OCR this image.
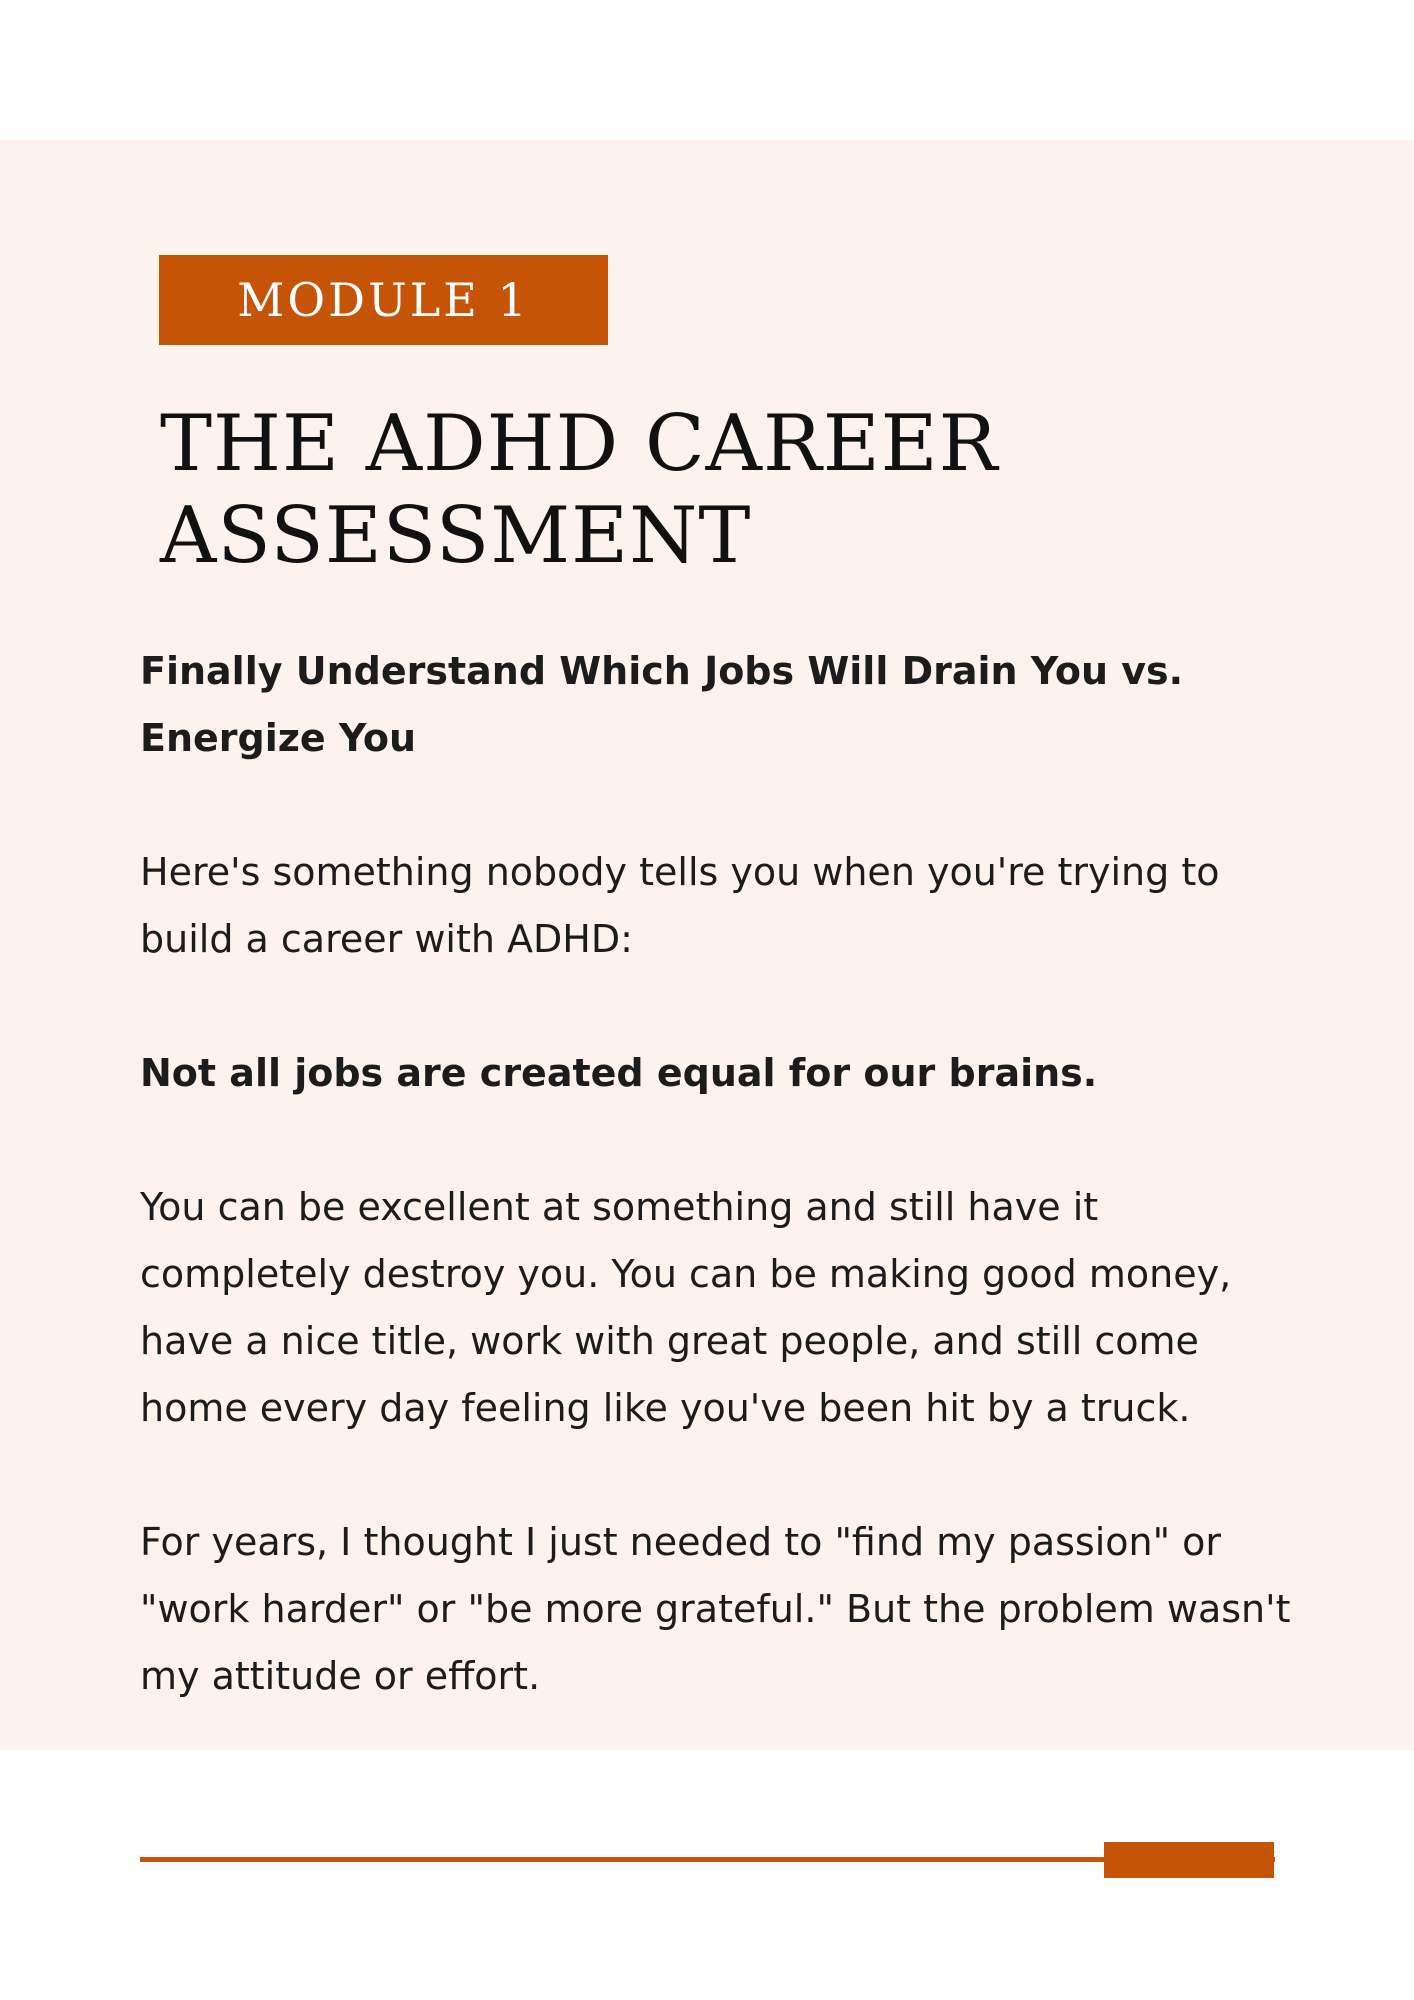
MODULE 1
THE ADHD CAREER
ASSESSMENT

Finally Understand Which Jobs Will Drain You vs. Energize You

Here's something nobody tells you when you're trying to build a career with ADHD:

Not all jobs are created equal for our brains.

You can be excellent at something and still have it completely destroy you. You can be making good money, have a nice title, work with great people, and still come home every day feeling like you've been hit by a truck.

For years, I thought I just needed to "find my passion" or "work harder" or "be more grateful." But the problem wasn't my attitude or effort.
